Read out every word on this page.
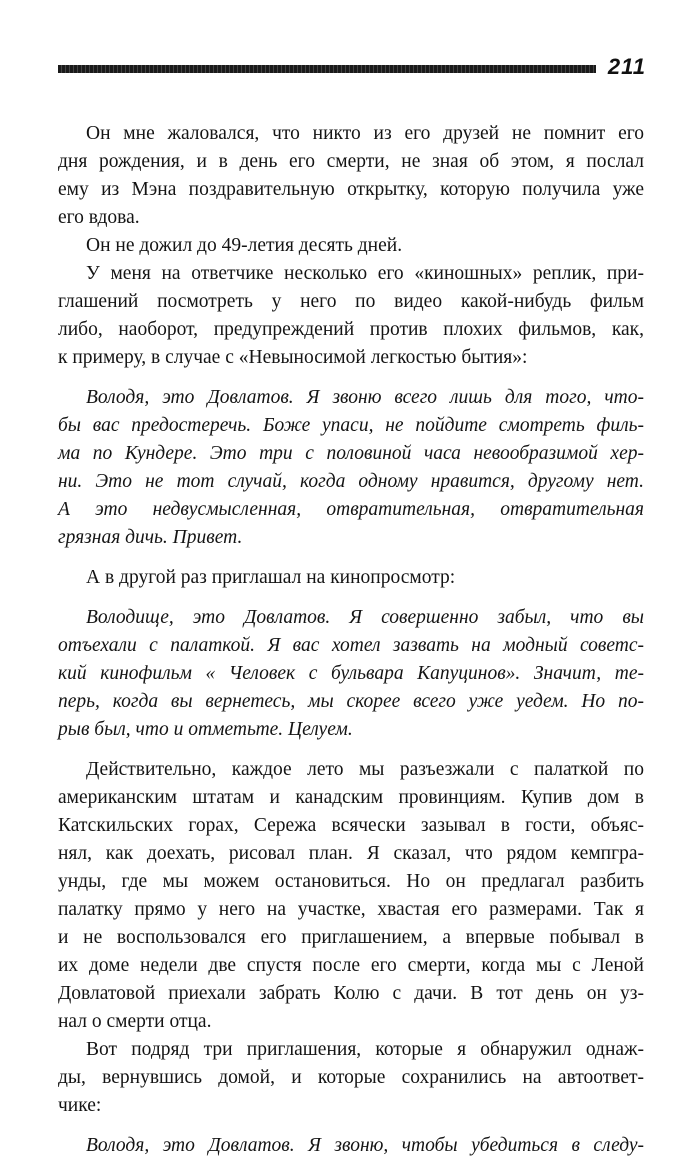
211
Он мне жаловался, что никто из его друзей не помнит его
дня рождения, и в день его смерти, не зная об этом, я послал
ему из Мэна поздравительную открытку, которую получила уже
его вдова.
Он не дожил до 49-летия десять дней.
У меня на ответчике несколько его «киношных» реплик, при-
глашений посмотреть у него по видео какой-нибудь фильм
либо, наоборот, предупреждений против плохих фильмов, как,
к примеру, в случае с «Невыносимой легкостью бытия»:
Володя, это Довлатов. Я звоню всего лишь для того, что-
бы вас предостеречь. Боже упаси, не пойдите смотреть филь-
ма по Кундере. Это три с половиной часа невообразимой хер-
ни. Это не тот случай, когда одному нравится, другому нет.
А это недвусмысленная, отвратительная, отвратительная
грязная дичь. Привет.
А в другой раз приглашал на кинопросмотр:
Володище, это Довлатов. Я совершенно забыл, что вы
отъехали с палаткой. Я вас хотел зазвать на модный советс-
кий кинофильм « Человек с бульвара Капуцинов». Значит, те-
перь, когда вы вернетесь, мы скорее всего уже уедем. Но по-
рыв был, что и отметьте. Целуем.
Действительно, каждое лето мы разъезжали с палаткой по
американским штатам и канадским провинциям. Купив дом в
Катскильских горах, Сережа всячески зазывал в гости, объяс-
нял, как доехать, рисовал план. Я сказал, что рядом кемпгра-
унды, где мы можем остановиться. Но он предлагал разбить
палатку прямо у него на участке, хвастая его размерами. Так я
и не воспользовался его приглашением, а впервые побывал в
их доме недели две спустя после его смерти, когда мы с Леной
Довлатовой приехали забрать Колю с дачи. В тот день он уз-
нал о смерти отца.
Вот подряд три приглашения, которые я обнаружил однаж-
ды, вернувшись домой, и которые сохранились на автоответ-
чике:
Володя, это Довлатов. Я звоню, чтобы убедиться в следу-
